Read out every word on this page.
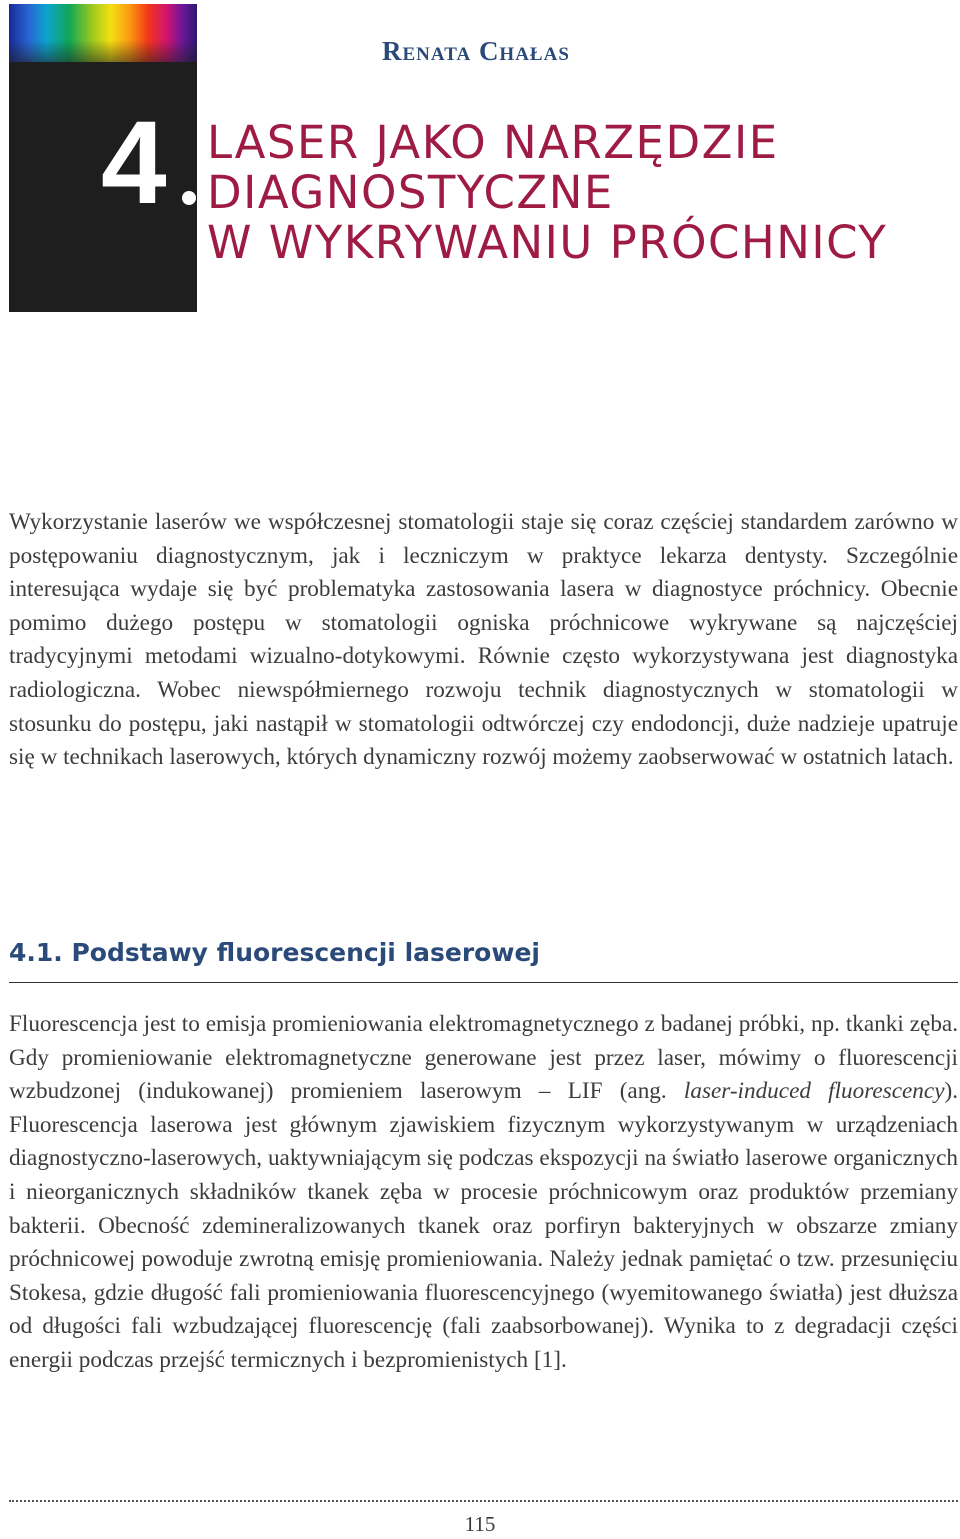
4
Renata Chałas
LASER JAKO NARZĘDZIE
DIAGNOSTYCZNE
W WYKRYWANIU PRÓCHNICY

Wykorzystanie laserów we współczesnej stomatologii staje się coraz częściej standardem zarówno w postępowaniu diagnostycznym, jak i leczniczym w praktyce lekarza dentysty. Szczególnie interesująca wydaje się być problematyka zastosowania lasera w diagnostyce próchnicy. Obecnie pomimo dużego postępu w stomatologii ogniska próchnicowe wykrywane są najczęściej tradycyjnymi metodami wizualno-dotykowymi. Równie często wykorzystywana jest diagnostyka radiologiczna. Wobec niewspółmiernego rozwoju technik diagnostycznych w stomatologii w stosunku do postępu, jaki nastąpił w stomatologii odtwórczej czy endodoncji, duże nadzieje upatruje się w technikach laserowych, których dynamiczny rozwój możemy zaobserwować w ostatnich latach.

4.1. Podstawy fluorescencji laserowej

Fluorescencja jest to emisja promieniowania elektromagnetycznego z badanej próbki, np. tkanki zęba. Gdy promieniowanie elektromagnetyczne generowane jest przez laser, mówimy o fluorescencji wzbudzonej (indukowanej) promieniem laserowym – LIF (ang. laser-induced fluorescency). Fluorescencja laserowa jest głównym zjawiskiem fizycznym wykorzystywanym w urządzeniach diagnostyczno-laserowych, uaktywniającym się podczas ekspozycji na światło laserowe organicznych i nieorganicznych składników tkanek zęba w procesie próchnicowym oraz produktów przemiany bakterii. Obecność zdemineralizowanych tkanek oraz porfiryn bakteryjnych w obszarze zmiany próchnicowej powoduje zwrotną emisję promieniowania. Należy jednak pamiętać o tzw. przesunięciu Stokesa, gdzie długość fali promieniowania fluorescencyjnego (wyemitowanego światła) jest dłuższa od długości fali wzbudzającej fluorescencję (fali zaabsorbowanej). Wynika to z degradacji części energii podczas przejść termicznych i bezpromienistych [1].

115
